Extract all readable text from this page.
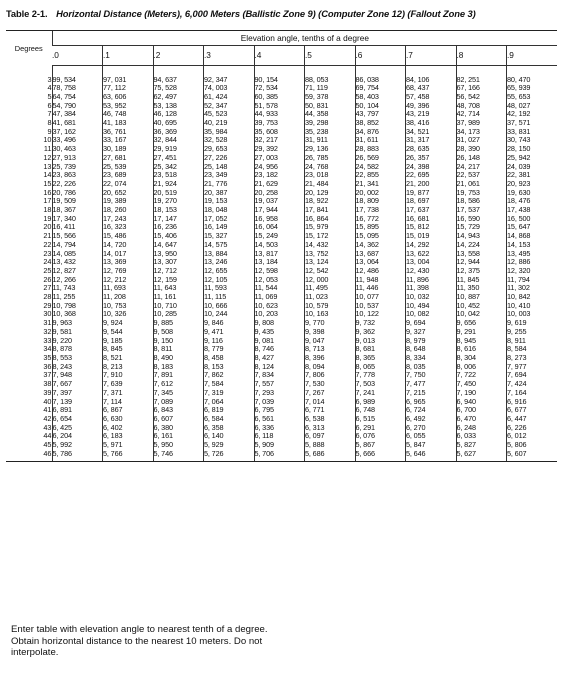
Table 2-1. Horizontal Distance (Meters), 6,000 Meters (Ballistic Zone 9) (Computer Zone 12) (Fallout Zone 3)
Degrees	Elevation angle, tenths of a degree									
	.0	.1	.2	.3	.4	.5	.6	.7	.8	.9

3	99, 534	97, 031	94, 637	92, 347	90, 154	88, 053	86, 038	84, 106	82, 251	80, 470
4	78, 758	77, 112	75, 528	74, 003	72, 534	71, 119	69, 754	68, 437	67, 166	65, 939
5	64, 754	63, 606	62, 497	61, 424	60, 385	59, 378	58, 403	57, 458	56, 542	55, 653
6	54, 790	53, 952	53, 138	52, 347	51, 578	50, 831	50, 104	49, 396	48, 708	48, 027
7	47, 384	46, 748	46, 128	45, 523	44, 933	44, 358	43, 797	43, 219	42, 714	42, 192
8	41, 681	41, 183	40, 695	40, 219	39, 753	39, 298	38, 852	38, 416	37, 989	37, 571
9	37, 162	36, 761	36, 369	35, 984	35, 608	35, 238	34, 876	34, 521	34, 173	33, 831
10	33, 496	33, 167	32, 844	32, 528	32, 217	31, 911	31, 611	31, 317	31, 027	30, 743
11	30, 463	30, 189	29, 919	29, 653	29, 392	29, 136	28, 883	28, 635	28, 390	28, 150
12	27, 913	27, 681	27, 451	27, 226	27, 003	26, 785	26, 569	26, 357	26, 148	25, 942
13	25, 739	25, 539	25, 342	25, 148	24, 956	24, 768	24, 582	24, 398	24, 217	24, 039
14	23, 863	23, 689	23, 518	23, 349	23, 182	23, 018	22, 855	22, 695	22, 537	22, 381
15	22, 226	22, 074	21, 924	21, 776	21, 629	21, 484	21, 341	21, 200	21, 061	20, 923
16	20, 786	20, 652	20, 519	20, 387	20, 258	20, 129	20, 002	19, 877	19, 753	19, 630
17	19, 509	19, 389	19, 270	19, 153	19, 037	18, 922	18, 809	18, 697	18, 586	18, 476
18	18, 367	18, 260	18, 153	18, 048	17, 944	17, 841	17, 738	17, 637	17, 537	17, 438
19	17, 340	17, 243	17, 147	17, 052	16, 958	16, 864	16, 772	16, 681	16, 590	16, 500
20	16, 411	16, 323	16, 236	16, 149	16, 064	15, 979	15, 895	15, 812	15, 729	15, 647
21	15, 566	15, 486	15, 406	15, 327	15, 249	15, 172	15, 095	15, 019	14, 943	14, 868
22	14, 794	14, 720	14, 647	14, 575	14, 503	14, 432	14, 362	14, 292	14, 224	14, 153
23	14, 085	14, 017	13, 950	13, 884	13, 817	13, 752	13, 687	13, 622	13, 558	13, 495
24	13, 432	13, 369	13, 307	13, 246	13, 184	13, 124	13, 064	13, 004	12, 944	12, 886
25	12, 827	12, 769	12, 712	12, 655	12, 598	12, 542	12, 486	12, 430	12, 375	12, 320
26	12, 266	12, 212	12, 159	12, 105	12, 053	12, 000	11, 948	11, 896	11, 845	11, 794
27	11, 743	11, 693	11, 643	11, 593	11, 544	11, 495	11, 446	11, 398	11, 350	11, 302
28	11, 255	11, 208	11, 161	11, 115	11, 069	11, 023	10, 077	10, 032	10, 887	10, 842
29	10, 798	10, 753	10, 710	10, 666	10, 623	10, 579	10, 537	10, 494	10, 452	10, 410
30	10, 368	10, 326	10, 285	10, 244	10, 203	10, 163	10, 122	10, 082	10, 042	10, 003
31	9, 963	9, 924	9, 885	9, 846	9, 808	9, 770	9, 732	9, 694	9, 656	9, 619
32	9, 581	9, 544	9, 508	9, 471	9, 435	9, 398	9, 362	9, 327	9, 291	9, 255
33	9, 220	9, 185	9, 150	9, 116	9, 081	9, 047	9, 013	8, 979	8, 945	8, 911
34	8, 878	8, 845	8, 811	8, 779	8, 746	8, 713	8, 681	8, 648	8, 616	8, 584
35	8, 553	8, 521	8, 490	8, 458	8, 427	8, 396	8, 365	8, 334	8, 304	8, 273
36	8, 243	8, 213	8, 183	8, 153	8, 124	8, 094	8, 065	8, 035	8, 006	7, 977
37	7, 948	7, 910	7, 891	7, 862	7, 834	7, 806	7, 778	7, 750	7, 722	7, 694
38	7, 667	7, 639	7, 612	7, 584	7, 557	7, 530	7, 503	7, 477	7, 450	7, 424
39	7, 397	7, 371	7, 345	7, 319	7, 293	7, 267	7, 241	7, 215	7, 190	7, 164
40	7, 139	7, 114	7, 089	7, 064	7, 039	7, 014	6, 989	6, 965	6, 940	6, 916
41	6, 891	6, 867	6, 843	6, 819	6, 795	6, 771	6, 748	6, 724	6, 700	6, 677
42	6, 654	6, 630	6, 607	6, 584	6, 561	6, 538	6, 515	6, 492	6, 470	6, 447
43	6, 425	6, 402	6, 380	6, 358	6, 336	6, 313	6, 291	6, 270	6, 248	6, 226
44	6, 204	6, 183	6, 161	6, 140	6, 118	6, 097	6, 076	6, 055	6, 033	6, 012
45	5, 992	5, 971	5, 950	5, 929	5, 909	5, 888	5, 867	5, 847	5, 827	5, 806
46	5, 786	5, 766	5, 746	5, 726	5, 706	5, 686	5, 666	5, 646	5, 627	5, 607

Enter table with elevation angle to nearest tenth of a degree. Obtain horizontal distance to the nearest 10 meters. Do not interpolate.
